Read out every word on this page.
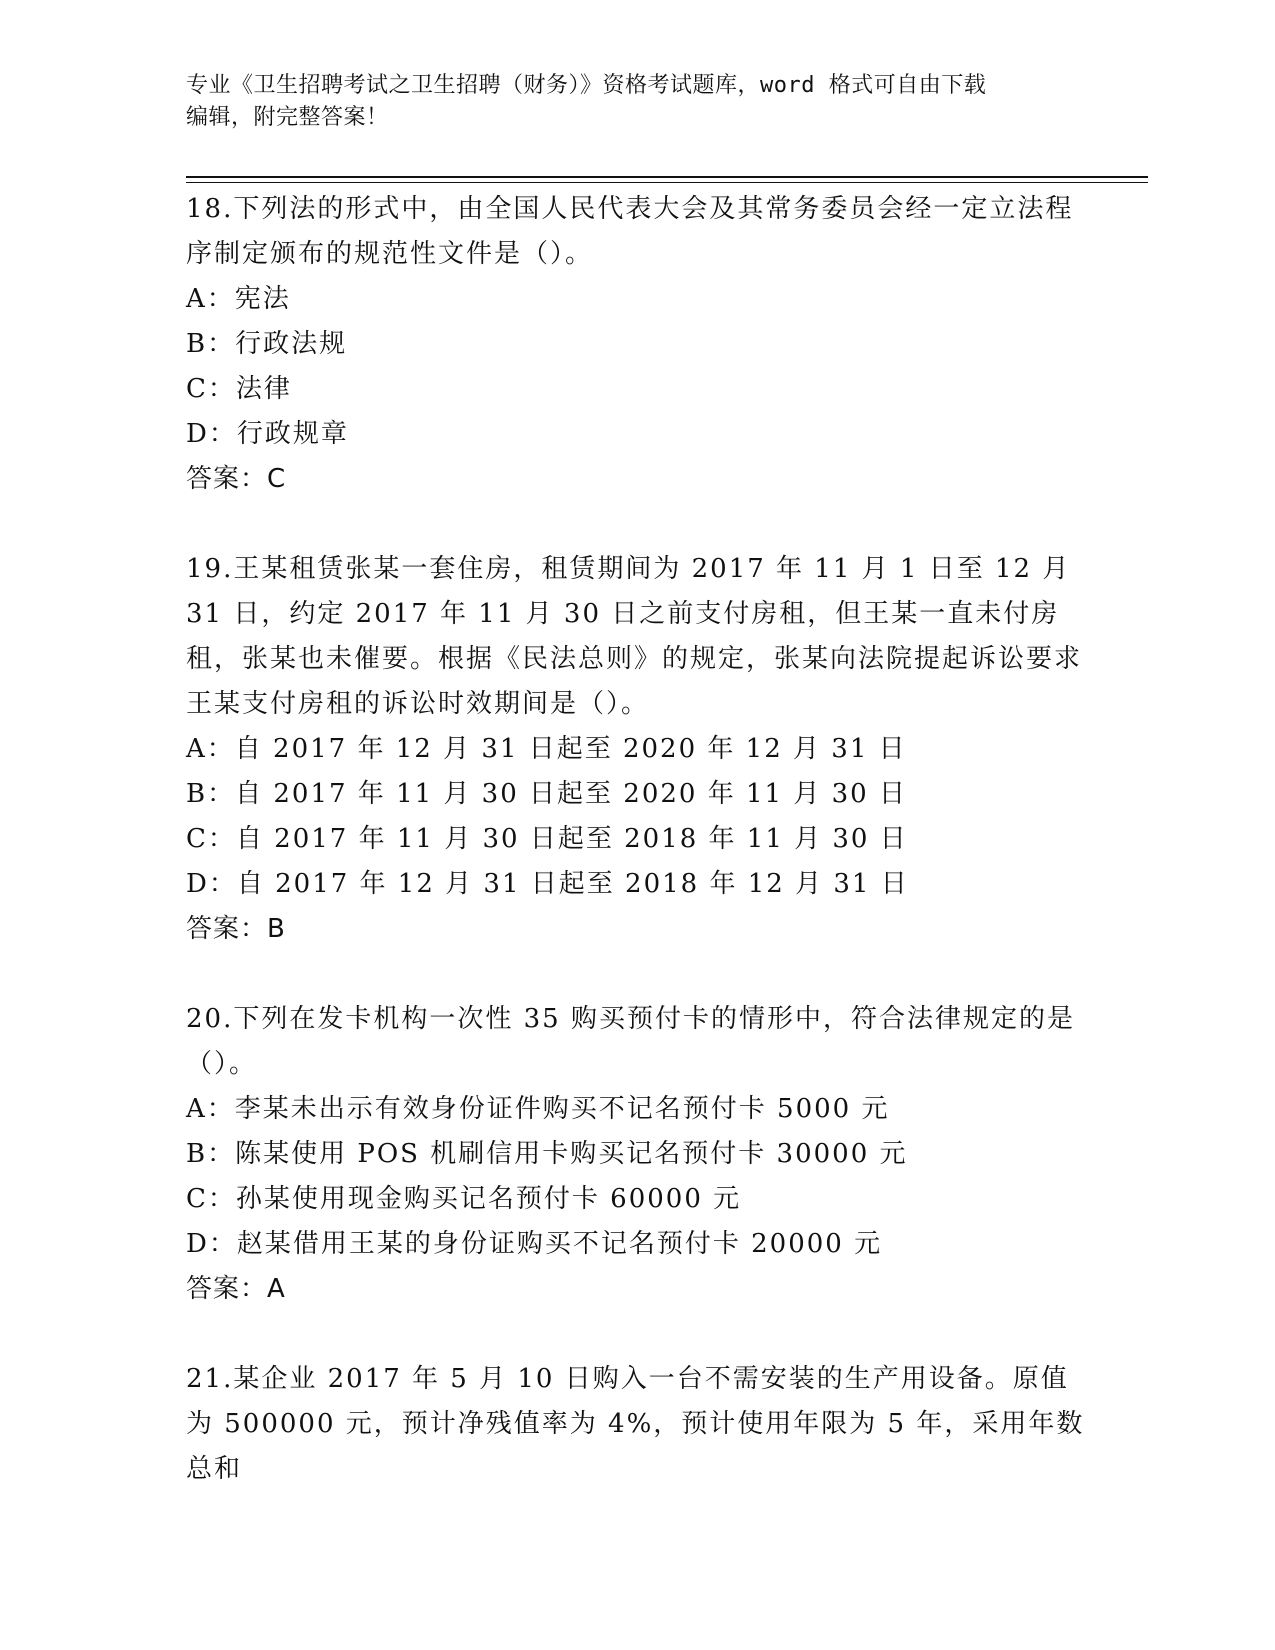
专业《卫生招聘考试之卫生招聘（财务）》资格考试题库，word 格式可自由下载
编辑，附完整答案！

18.下列法的形式中，由全国人民代表大会及其常务委员会经一定立法程序制定颁布的规范性文件是（）。

A：宪法

B：行政法规

C：法律

D：行政规章

答案：C

19.王某租赁张某一套住房，租赁期间为 2017 年 11 月 1 日至 12 月 31 日，约定 2017 年 11 月 30 日之前支付房租，但王某一直未付房租，张某也未催要。根据《民法总则》的规定，张某向法院提起诉讼要求王某支付房租的诉讼时效期间是（）。

A：自 2017 年 12 月 31 日起至 2020 年 12 月 31 日

B：自 2017 年 11 月 30 日起至 2020 年 11 月 30 日

C：自 2017 年 11 月 30 日起至 2018 年 11 月 30 日

D：自 2017 年 12 月 31 日起至 2018 年 12 月 31 日

答案：B

20.下列在发卡机构一次性 35 购买预付卡的情形中，符合法律规定的是（）。

A：李某未出示有效身份证件购买不记名预付卡 5000 元

B：陈某使用 POS 机刷信用卡购买记名预付卡 30000 元

C：孙某使用现金购买记名预付卡 60000 元

D：赵某借用王某的身份证购买不记名预付卡 20000 元

答案：A

21.某企业 2017 年 5 月 10 日购入一台不需安装的生产用设备。原值为 500000 元，预计净残值率为 4%，预计使用年限为 5 年，采用年数总和
